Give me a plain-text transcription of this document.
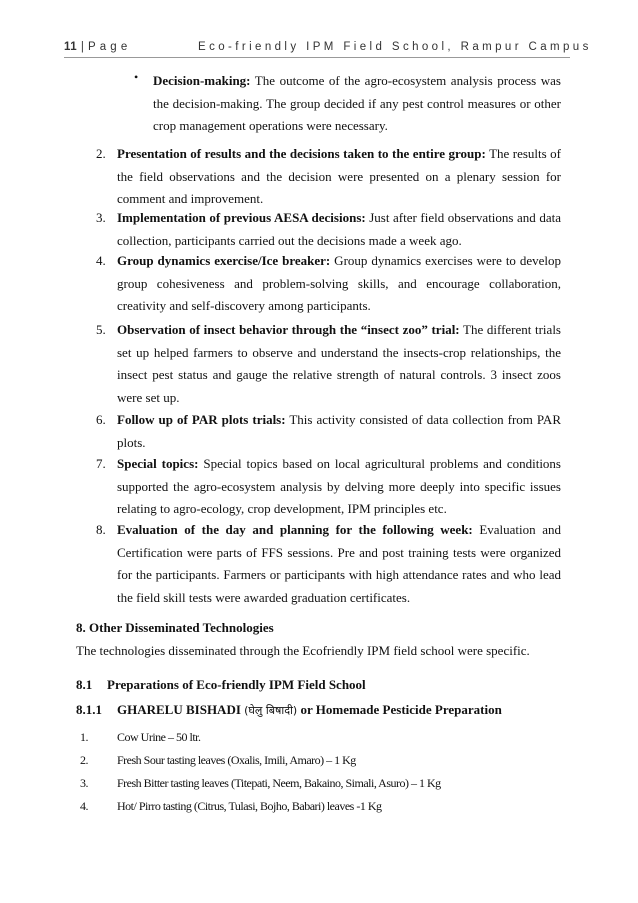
11 | P a g e	Eco-friendly IPM Field School, Rampur Campus
• Decision-making: The outcome of the agro-ecosystem analysis process was the decision-making. The group decided if any pest control measures or other crop management operations were necessary.
2. Presentation of results and the decisions taken to the entire group: The results of the field observations and the decision were presented on a plenary session for comment and improvement.
3. Implementation of previous AESA decisions: Just after field observations and data collection, participants carried out the decisions made a week ago.
4. Group dynamics exercise/Ice breaker: Group dynamics exercises were to develop group cohesiveness and problem-solving skills, and encourage collaboration, creativity and self-discovery among participants.
5. Observation of insect behavior through the “insect zoo” trial: The different trials set up helped farmers to observe and understand the insects-crop relationships, the insect pest status and gauge the relative strength of natural controls. 3 insect zoos were set up.
6. Follow up of PAR plots trials: This activity consisted of data collection from PAR plots.
7. Special topics: Special topics based on local agricultural problems and conditions supported the agro-ecosystem analysis by delving more deeply into specific issues relating to agro-ecology, crop development, IPM principles etc.
8. Evaluation of the day and planning for the following week: Evaluation and Certification were parts of FFS sessions. Pre and post training tests were organized for the participants. Farmers or participants with high attendance rates and who lead the field skill tests were awarded graduation certificates.
8. Other Disseminated Technologies
The technologies disseminated through the Ecofriendly IPM field school were specific.
8.1 Preparations of Eco-friendly IPM Field School
8.1.1 GHARELU BISHADI (घेलु बिषादी) or Homemade Pesticide Preparation
1. Cow Urine – 50 ltr.
2. Fresh Sour tasting leaves (Oxalis, Imili, Amaro) – 1 Kg
3. Fresh Bitter tasting leaves (Titepati, Neem, Bakaino, Simali, Asuro) – 1 Kg
4. Hot/ Pirro tasting (Citrus, Tulasi, Bojho, Babari) leaves -1 Kg
